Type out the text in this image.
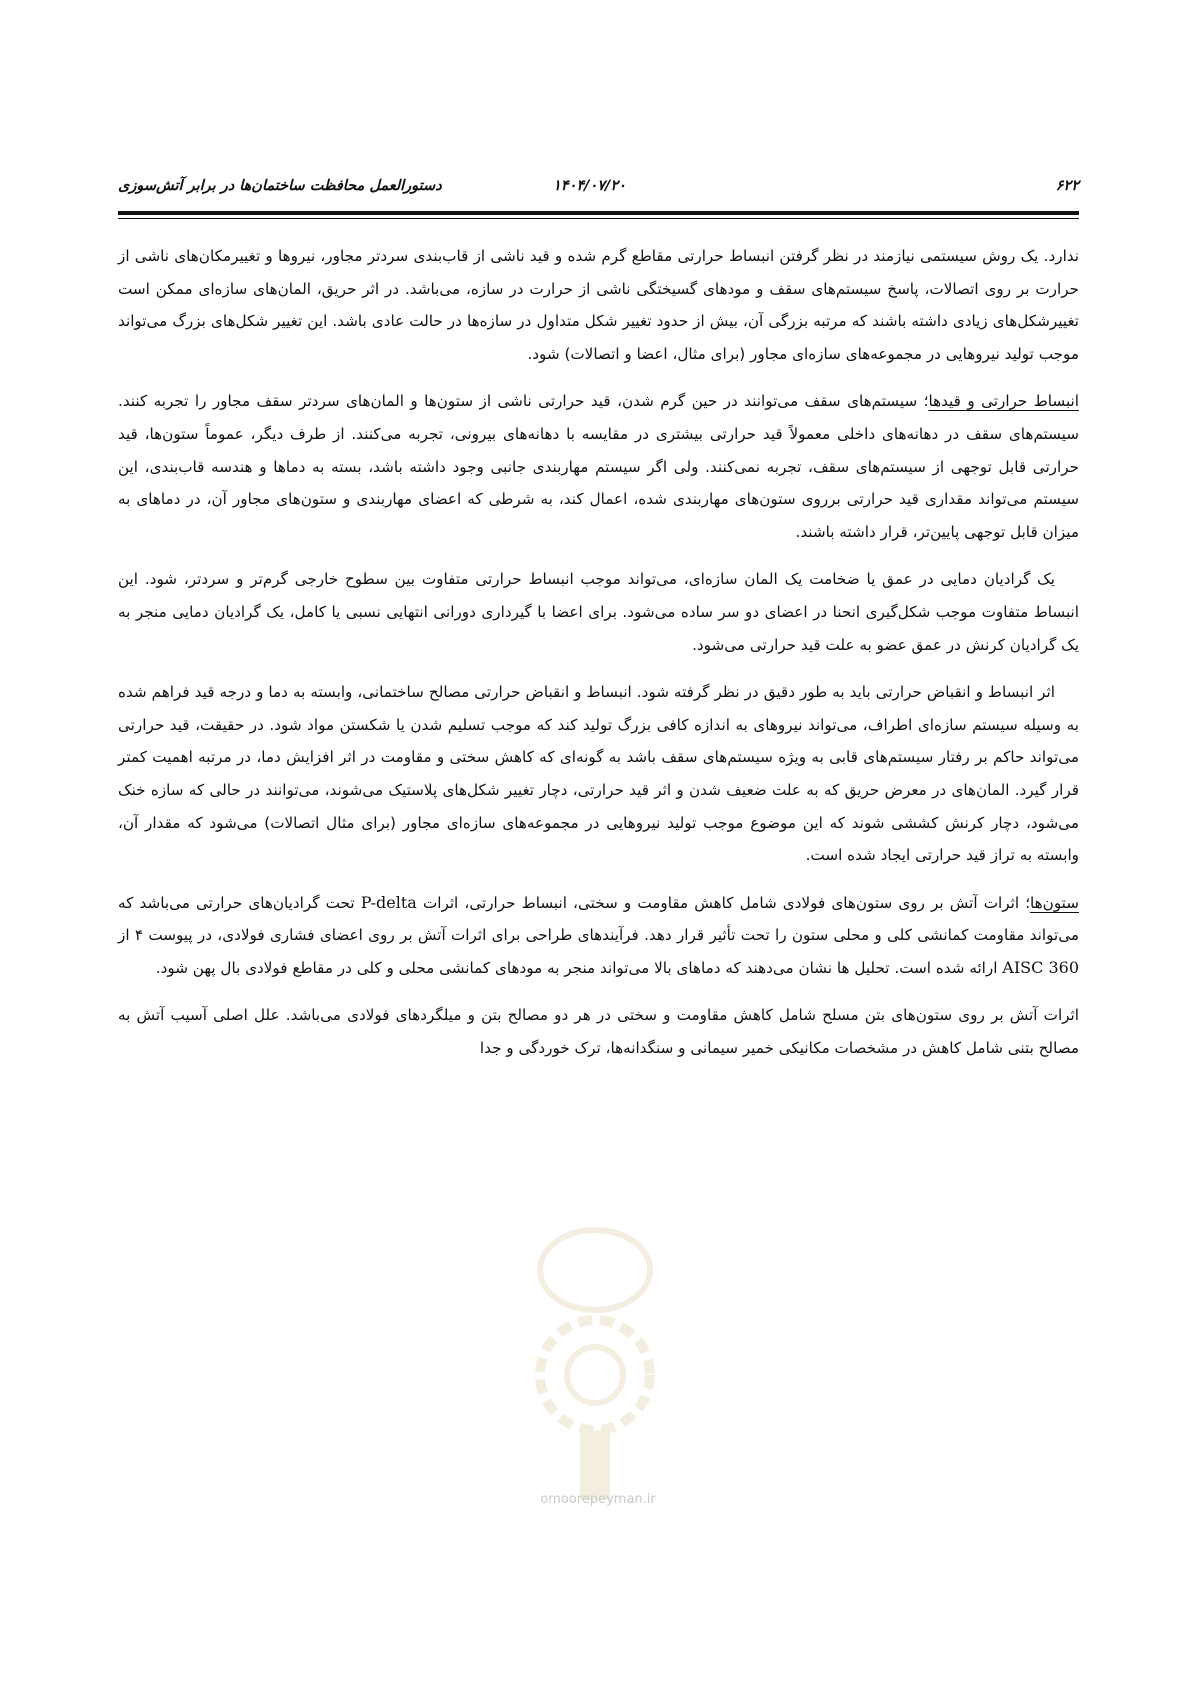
۶۲۲
۱۴۰۴/۰۷/۲۰
دستورالعمل محافظت ساختمان‌ها در برابر آتش‌سوزی
omoorepeyman.ir

ندارد. یک روش سیستمی نیازمند در نظر گرفتن انبساط حرارتی مقاطع گرم شده و قید ناشی از قاب‌بندی سردتر مجاور، نیروها و تغییرمکان‌های ناشی از حرارت بر روی اتصالات، پاسخ سیستم‌های سقف و مودهای گسیختگی ناشی از حرارت در سازه، می‌باشد. در اثر حریق، المان‌های سازه‌ای ممکن است تغییرشکل‌های زیادی داشته باشند که مرتبه بزرگی آن، بیش از حدود تغییر شکل متداول در سازه‌ها در حالت عادی باشد. این تغییر شکل‌های بزرگ می‌تواند موجب تولید نیروهایی در مجموعه‌های سازه‌ای مجاور (برای مثال، اعضا و اتصالات) شود.

انبساط حرارتی و قیدها؛ سیستم‌های سقف می‌توانند در حین گرم شدن، قید حرارتی ناشی از ستون‌ها و المان‌های سردتر سقف مجاور را تجربه کنند. سیستم‌های سقف در دهانه‌های داخلی معمولاً قید حرارتی بیشتری در مقایسه با دهانه‌های بیرونی، تجربه می‌کنند. از طرف دیگر، عموماً ستون‌ها، قید حرارتی قابل توجهی از سیستم‌های سقف، تجربه نمی‌کنند. ولی اگر سیستم مهاربندی جانبی وجود داشته باشد، بسته به دماها و هندسه قاب‌بندی، این سیستم می‌تواند مقداری قید حرارتی برروی ستون‌های مهاربندی شده، اعمال کند، به شرطی که اعضای مهاربندی و ستون‌های مجاور آن، در دماهای به میزان قابل توجهی پایین‌تر، قرار داشته باشند.

یک گرادیان دمایی در عمق یا ضخامت یک المان سازه‌ای، می‌تواند موجب انبساط حرارتی متفاوت بین سطوح خارجی گرم‌تر و سردتر، شود. این انبساط متفاوت موجب شکل‌گیری انحنا در اعضای دو سر ساده می‌شود. برای اعضا با گیرداری دورانی انتهایی نسبی یا کامل، یک گرادیان دمایی منجر به یک گرادیان کرنش در عمق عضو به علت قید حرارتی می‌شود.

اثر انبساط و انقباض حرارتی باید به طور دقیق در نظر گرفته شود. انبساط و انقباض حرارتی مصالح ساختمانی، وابسته به دما و درجه قید فراهم شده به وسیله سیستم سازه‌ای اطراف، می‌تواند نیروهای به اندازه کافی بزرگ تولید کند که موجب تسلیم شدن یا شکستن مواد شود. در حقیقت، قید حرارتی می‌تواند حاکم بر رفتار سیستم‌های قابی به ویژه سیستم‌های سقف باشد به گونه‌ای که کاهش سختی و مقاومت در اثر افزایش دما، در مرتبه اهمیت کمتر قرار گیرد. المان‌های در معرض حریق که به علت ضعیف شدن و اثر قید حرارتی، دچار تغییر شکل‌های پلاستیک می‌شوند، می‌توانند در حالی که سازه خنک می‌شود، دچار کرنش کششی شوند که این موضوع موجب تولید نیروهایی در مجموعه‌های سازه‌ای مجاور (برای مثال اتصالات) می‌شود که مقدار آن، وابسته به تراز قید حرارتی ایجاد شده است.

ستون‌ها؛ اثرات آتش بر روی ستون‌های فولادی شامل کاهش مقاومت و سختی، انبساط حرارتی، اثرات P-delta تحت گرادیان‌های حرارتی می‌باشد که می‌تواند مقاومت کمانشی کلی و محلی ستون را تحت تأثیر قرار دهد. فرآیندهای طراحی برای اثرات آتش بر روی اعضای فشاری فولادی، در پیوست ۴ از AISC 360 ارائه شده است. تحلیل ها نشان می‌دهند که دماهای بالا می‌تواند منجر به مودهای کمانشی محلی و کلی در مقاطع فولادی بال پهن شود.

اثرات آتش بر روی ستون‌های بتن مسلح شامل کاهش مقاومت و سختی در هر دو مصالح بتن و میلگردهای فولادی می‌باشد. علل اصلی آسیب آتش به مصالح بتنی شامل کاهش در مشخصات مکانیکی خمیر سیمانی و سنگدانه‌ها، ترک خوردگی و جدا
